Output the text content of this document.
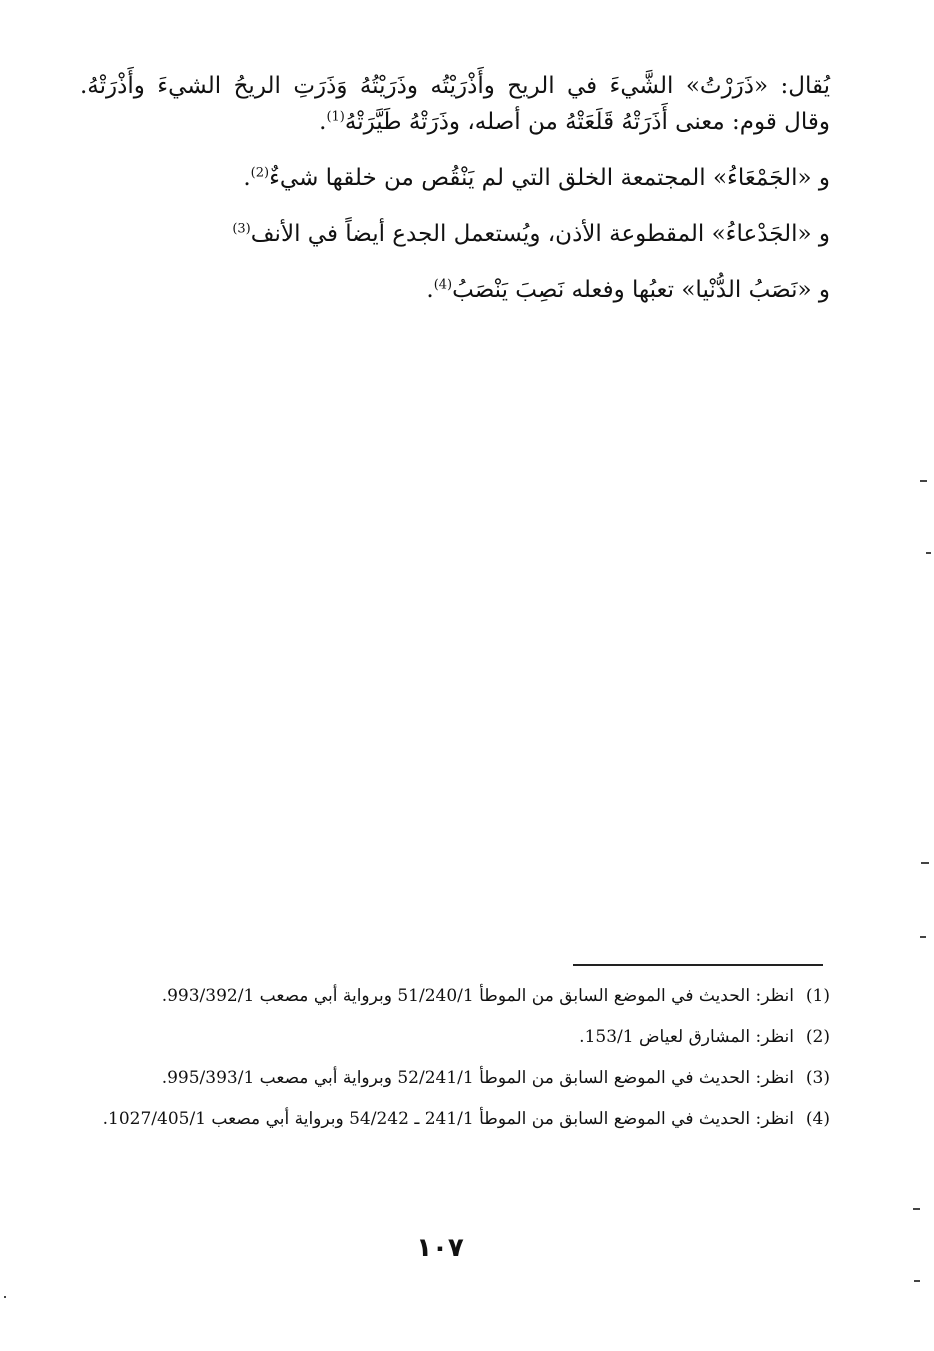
يُقال: «ذَرَرْتُ» الشَّيءَ في الريح وأَذْرَيْتُه وذَرَيْتُهُ وَذَرَتِ الريحُ الشيءَ وأَذْرَتْهُ. وقال قوم: معنى أَذَرَتْهُ قَلَعَتْهُ من أصله، وذَرَتْهُ طَيَّرَتْهُ$^{(1)}$.

و «الجَمْعَاءُ» المجتمعة الخلق التي لم يَنْقُص من خلقها شيءٌ$^{(2)}$.

و «الجَدْعاءُ» المقطوعة الأذن، ويُستعمل الجدع أيضاً في الأنف$^{(3)}$

و «نَصَبُ الدُّنْيا» تعبُها وفعله نَصِبَ يَنْصَبُ$^{(4)}$.

(1)
انظر: الحديث في الموضع السابق من الموطأ 51/240/1 وبرواية أبي مصعب 993/392/1.
(2)
انظر: المشارق لعياض 153/1.
(3)
انظر: الحديث في الموضع السابق من الموطأ 52/241/1 وبرواية أبي مصعب 995/393/1.
(4)
انظر: الحديث في الموضع السابق من الموطأ 241/1 ـ 54/242 وبرواية أبي مصعب 1027/405/1.
١٠٧
